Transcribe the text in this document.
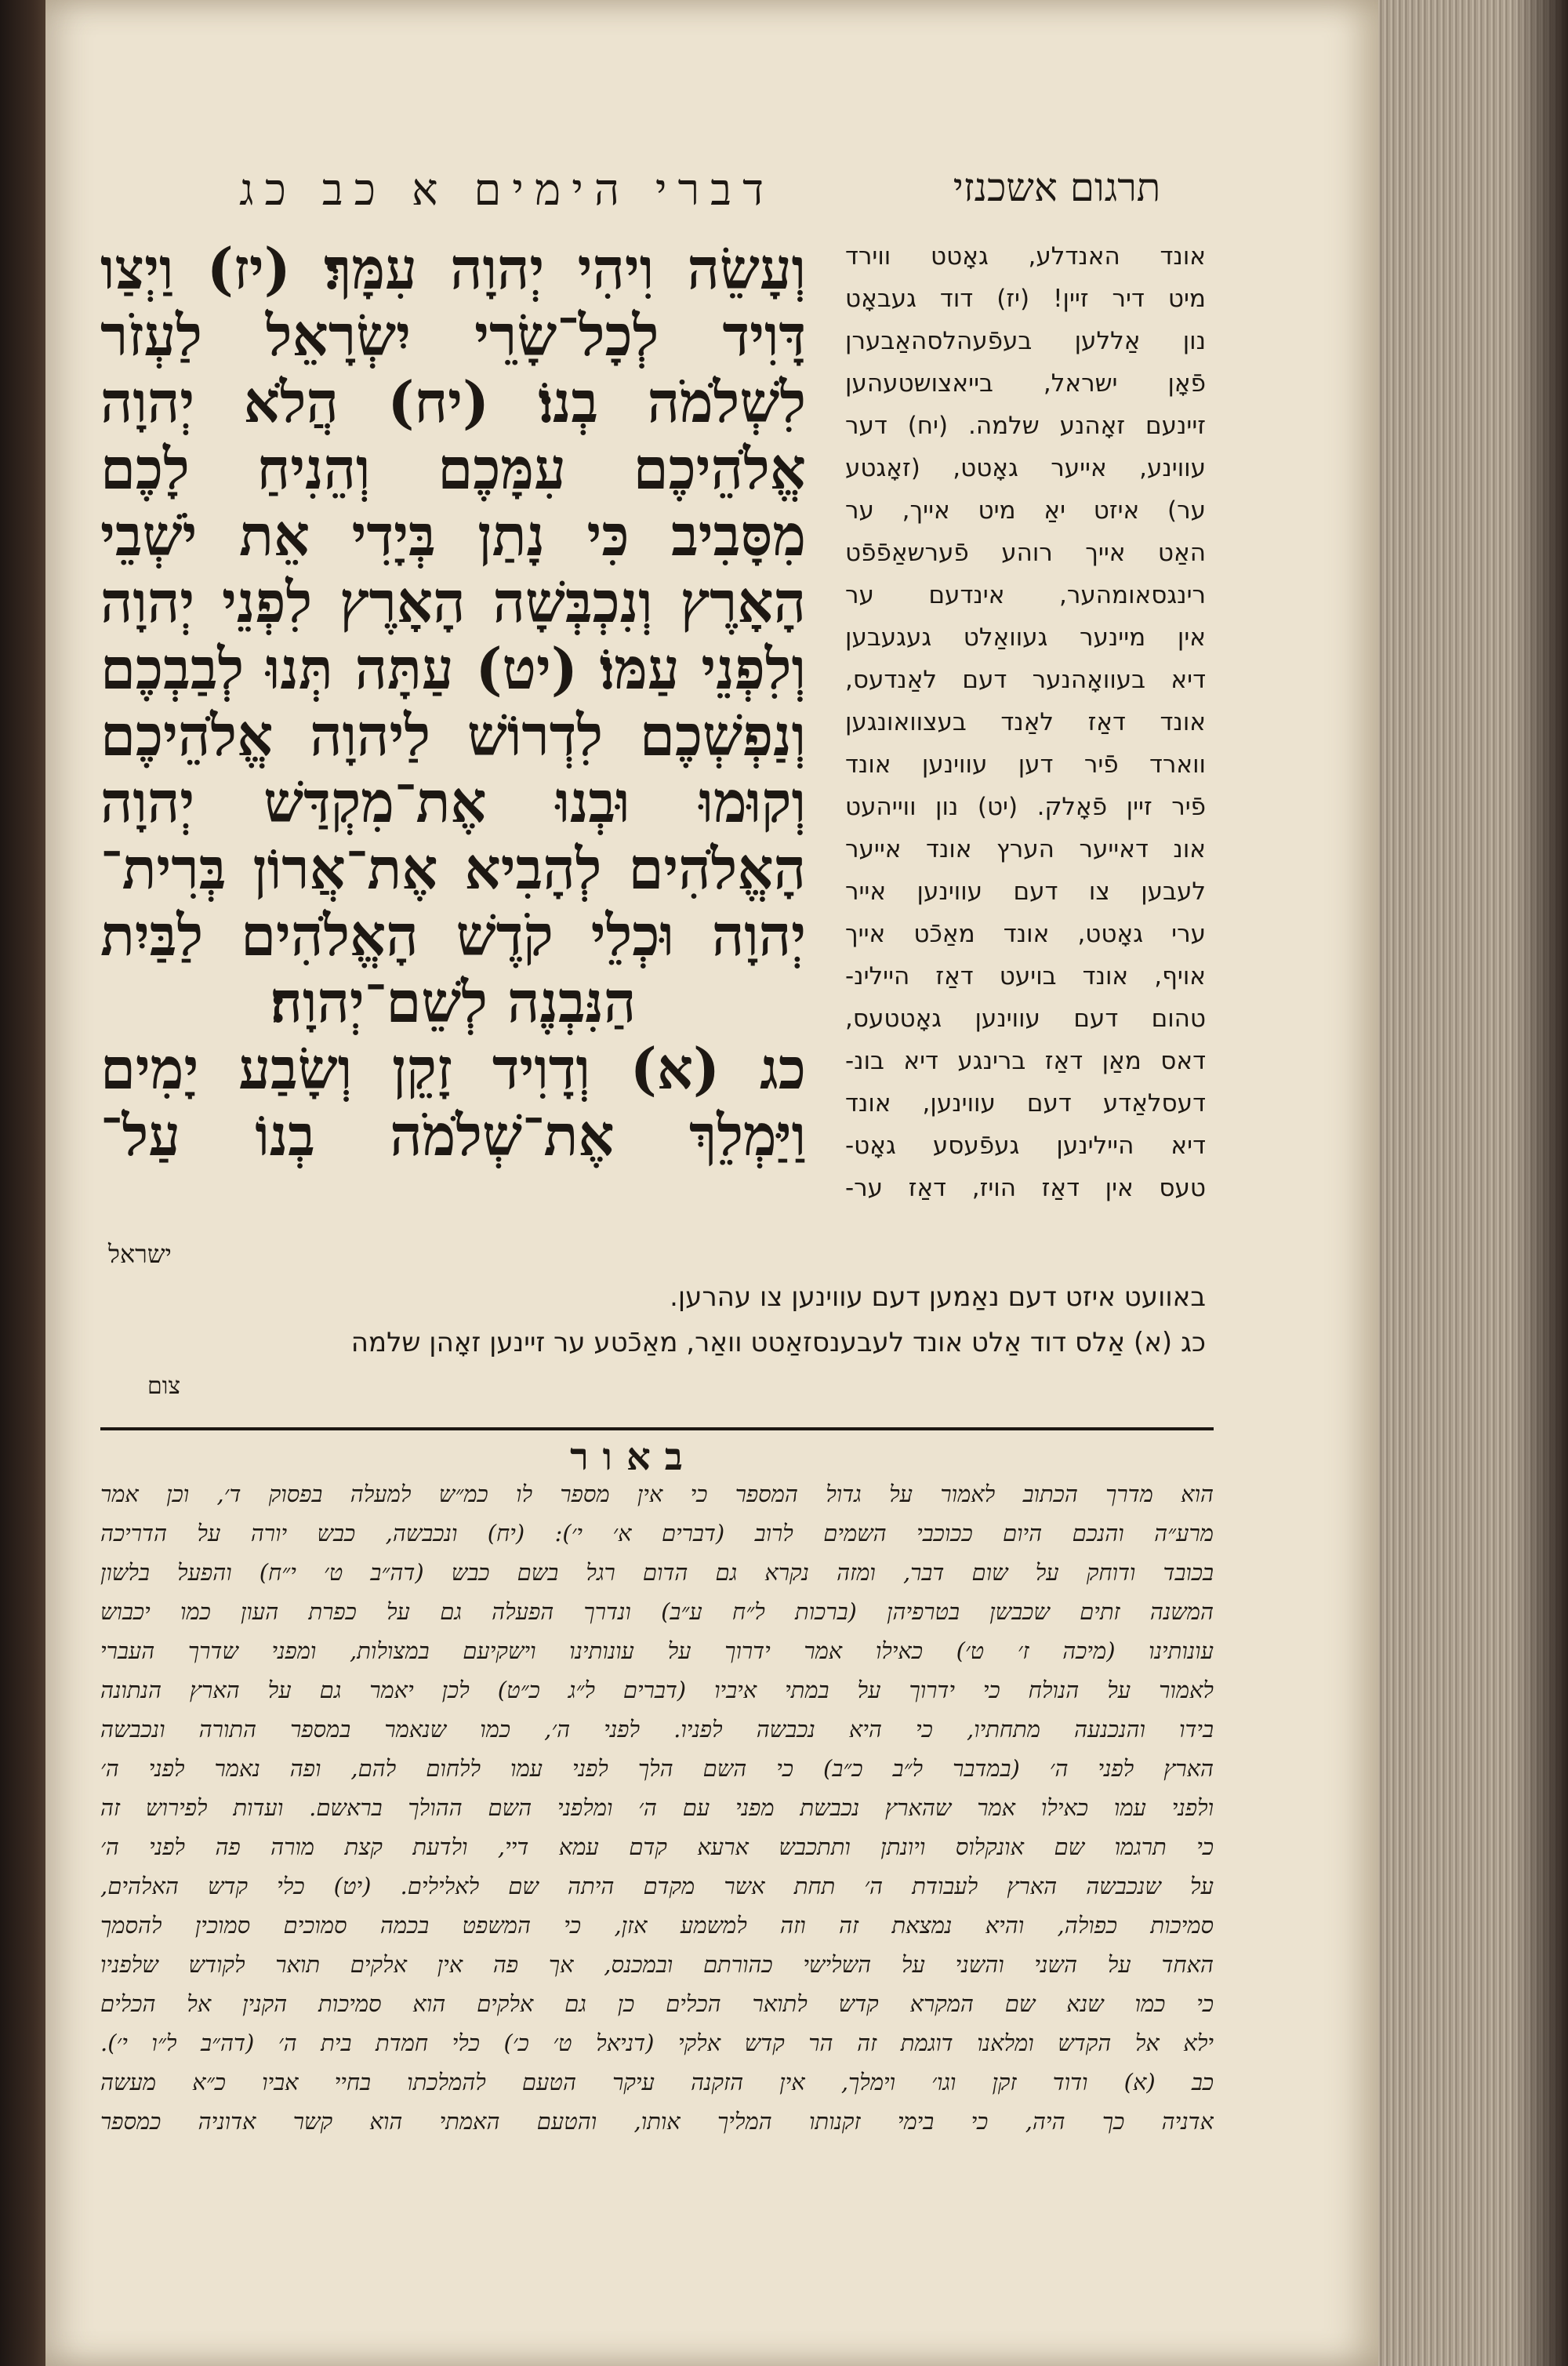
דברי הימים א כב כג	תרגום אשכנזי
וְעָשֵׂה וִיהִי יְהוָה עִמָּךְ׃ (יז) וַיְצַו
דָּוִיד לְכָל־שָׂרֵי יִשְׂרָאֵל לַעְזֹר
לִשְׁלֹמֹה בְנוֹ׃ (יח) הֲלֹא יְהוָה
אֱלֹהֵיכֶם עִמָּכֶם וְהֵנִיחַ לָכֶם
מִסָּבִיב כִּי נָתַן בְּיָדִי אֵת יֹשְׁבֵי
הָאָרֶץ וְנִכְבְּשָׁה הָאָרֶץ לִפְנֵי יְהוָה
וְלִפְנֵי עַמּוֹ׃ (יט) עַתָּה תְּנוּ לְבַבְכֶם
וְנַפְשְׁכֶם לִדְרוֹשׁ לַיהוָה אֱלֹהֵיכֶם
וְקוּמוּ וּבְנוּ אֶת־מִקְדַּשׁ יְהוָה
הָאֱלֹהִים לְהָבִיא אֶת־אֲרוֹן בְּרִית־
יְהוָה וּכְלֵי קֹדֶשׁ הָאֱלֹהִים לַבַּיִת
הַנִּבְנֶה לְשֵׁם־יְהוָה׃
כג (א) וְדָוִיד זָקֵן וְשָׂבַע יָמִים
וַיַּמְלֵךְ אֶת־שְׁלֹמֹה בְנוֹ עַל־
ישראל
אונד האנדלע, גאָטט ווירד
מיט דיר זיין! (יז) דוד געבאָט
נון אַללען בעפֿעהלסהאַבערן
פֿאָן ישראל, בייאצושטעהען
זיינעם זאָהנע שלמה. (יח) דער
עווינע, אייער גאָטט, (זאָגטע
ער) איזט יאַ מיט אייך, ער
האַט אייך רוהע פֿערשאַפֿפֿט
רינגסאומהער, אינדעם ער
אין מיינער געוואַלט געגעבען
דיא בעוואָהנער דעם לאַנדעס,
אונד דאַז לאַנד בעצוואונגען
ווארד פֿיר דען עווינען אונד
פֿיר זיין פֿאָלק. (יט) נון ווייהעט
אונ דאייער הערץ אונד אייער
לעבען צו דעם עווינען אייר
ערי גאָטט, אונד מאַכֿט אייך
אויף, אונד בויעט דאַז היילינ-
טהום דעם עווינען גאָטטעס,
דאס מאַן דאַז ברינגע דיא בונ-
דעסלאַדע דעם עווינען, אונד
דיא היילינען געפֿעסע גאָט-
טעס אין דאַז הויז, דאַז ער-
באוועט איזט דעם נאַמען דעם עווינען צו עהרען.
כג (א) אַלס דוד אַלט אונד לעבענסזאַטט וואַר, מאַכֿטע ער זיינען זאָהן שלמה
צום
באור
הוא מדרך הכתוב לאמור על גדול המספר כי אין מספר לו כמ״ש למעלה בפסוק ד׳, וכן אמר
מרע״ה והנכם היום ככוכבי השמים לרוב (דברים א׳ י׳): (יח) ונכבשה, כבש יורה על הדריכה
בכובד ודוחק על שום דבר, ומזה נקרא גם הדום רגל בשם כבש (דה״ב ט׳ י״ח) והפעל בלשון
המשנה זתים שכבשן בטרפיהן (ברכות ל״ח ע״ב) ונדרך הפעלה גם על כפרת העון כמו יכבוש
עונותינו (מיכה ז׳ ט׳) כאילו אמר ידרוך על עונותינו וישקיעם במצולות, ומפני שדרך העברי
לאמור על הנולח כי ידרוך על במתי איביו (דברים ל״ג כ״ט) לכן יאמר גם על הארץ הנתונה
בידו והנכנעה מתחתיו, כי היא נכבשה לפניו. לפני ה׳, כמו שנאמר במספר התורה ונכבשה
הארץ לפני ה׳ (במדבר ל״ב כ״ב) כי השם הלך לפני עמו ללחום להם, ופה נאמר לפני ה׳
ולפני עמו כאילו אמר שהארץ נכבשת מפני עם ה׳ ומלפני השם ההולך בראשם. ועדות לפירוש זה
כי תרגמו שם אונקלוס ויונתן ותתכבש ארעא קדם עמא דיי, ולדעת קצת מורה פה לפני ה׳
על שנכבשה הארץ לעבודת ה׳ תחת אשר מקדם היתה שם לאלילים. (יט) כלי קדש האלהים,
סמיכות כפולה, והיא נמצאת זה וזה למשמע אזן, כי המשפט בכמה סמוכים סמוכין להסמך
האחד על השני והשני על השלישי כהורתם ובמכנס, אך פה אין אלקים תואר לקודש שלפניו
כי כמו שנא שם המקרא קדש לתואר הכלים כן גם אלקים הוא סמיכות הקנין אל הכלים
ילא אל הקדש ומלאנו דוגמת זה הר קדש אלקי (דניאל ט׳ כ׳) כלי חמדת בית ה׳ (דה״ב ל״ו י׳).
כב (א) ודוד זקן וגו׳ וימלך, אין הזקנה עיקר הטעם להמלכתו בחיי אביו כ״א מעשה
אדניה כך היה, כי בימי זקנותו המליך אותו, והטעם האמתי הוא קשר אדוניה כמספר
